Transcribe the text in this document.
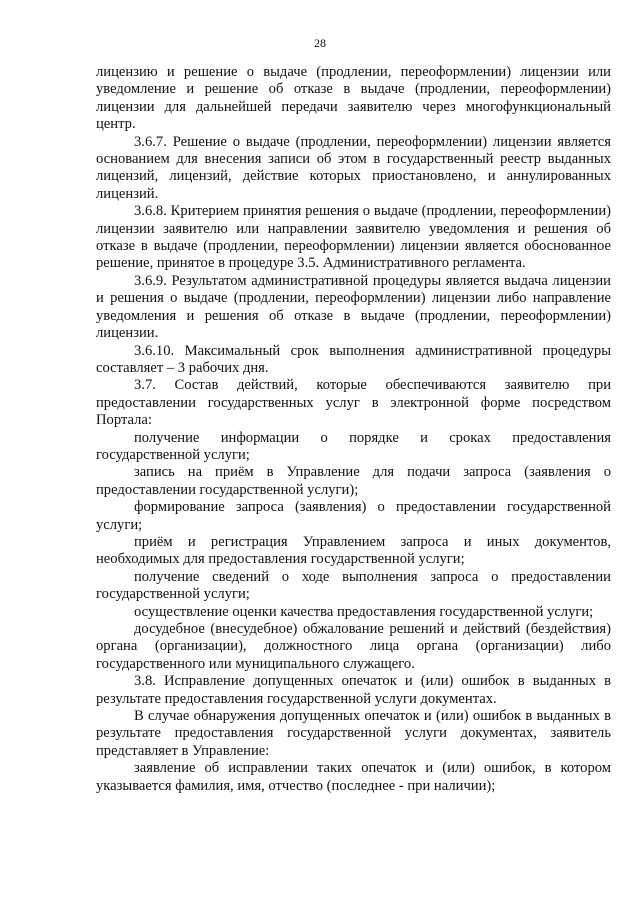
28

лицензию и решение о выдаче (продлении, переоформлении) лицензии или уведомление и решение об отказе в выдаче (продлении, переоформлении) лицензии для дальнейшей передачи заявителю через многофункциональный центр.

3.6.7. Решение о выдаче (продлении, переоформлении) лицензии является основанием для внесения записи об этом в государственный реестр выданных лицензий, лицензий, действие которых приостановлено, и аннулированных лицензий.

3.6.8. Критерием принятия решения о выдаче (продлении, переоформлении) лицензии заявителю или направлении заявителю уведомления и решения об отказе в выдаче (продлении, переоформлении) лицензии является обоснованное решение, принятое в процедуре 3.5. Административного регламента.

3.6.9. Результатом административной процедуры является выдача лицензии и решения о выдаче (продлении, переоформлении) лицензии либо направление уведомления и решения об отказе в выдаче (продлении, переоформлении) лицензии.

3.6.10. Максимальный срок выполнения административной процедуры составляет – 3 рабочих дня.

3.7. Состав действий, которые обеспечиваются заявителю при предоставлении государственных услуг в электронной форме посредством Портала:

получение информации о порядке и сроках предоставления государственной услуги;

запись на приём в Управление для подачи запроса (заявления о предоставлении государственной услуги);

формирование запроса (заявления) о предоставлении государственной услуги;

приём и регистрация Управлением запроса и иных документов, необходимых для предоставления государственной услуги;

получение сведений о ходе выполнения запроса о предоставлении государственной услуги;

осуществление оценки качества предоставления государственной услуги;

досудебное (внесудебное) обжалование решений и действий (бездействия) органа (организации), должностного лица органа (организации) либо государственного или муниципального служащего.

3.8. Исправление допущенных опечаток и (или) ошибок в выданных в результате предоставления государственной услуги документах.

В случае обнаружения допущенных опечаток и (или) ошибок в выданных в результате предоставления государственной услуги документах, заявитель представляет в Управление:

заявление об исправлении таких опечаток и (или) ошибок, в котором указывается фамилия, имя, отчество (последнее - при наличии);
